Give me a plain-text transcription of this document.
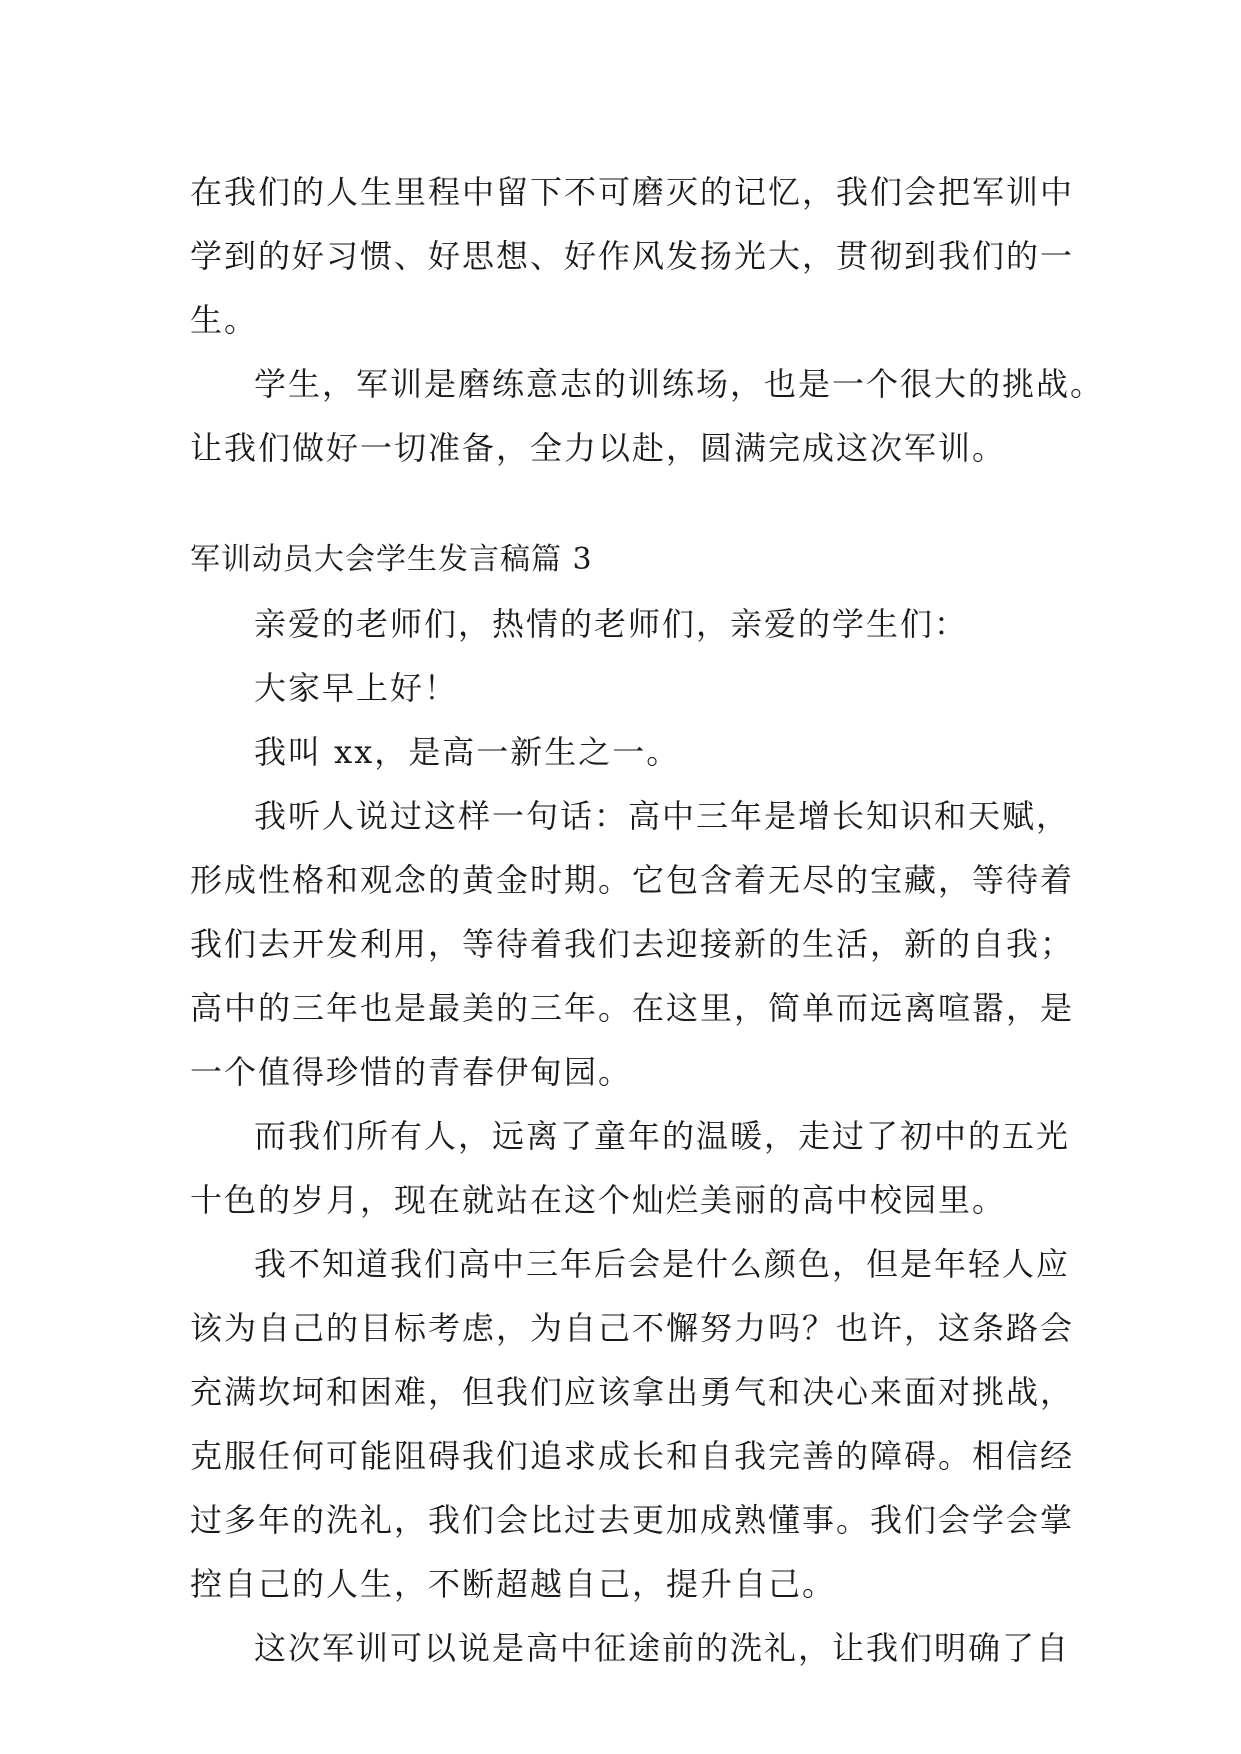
在我们的人生里程中留下不可磨灭的记忆，我们会把军训中
学到的好习惯、好思想、好作风发扬光大，贯彻到我们的一
生。
学生，军训是磨练意志的训练场，也是一个很大的挑战。
让我们做好一切准备，全力以赴，圆满完成这次军训。
军训动员大会学生发言稿篇 3
亲爱的老师们，热情的老师们，亲爱的学生们：
大家早上好！
我叫 xx，是高一新生之一。
我听人说过这样一句话：高中三年是增长知识和天赋，
形成性格和观念的黄金时期。它包含着无尽的宝藏，等待着
我们去开发利用，等待着我们去迎接新的生活，新的自我；
高中的三年也是最美的三年。在这里，简单而远离喧嚣，是
一个值得珍惜的青春伊甸园。
而我们所有人，远离了童年的温暖，走过了初中的五光
十色的岁月，现在就站在这个灿烂美丽的高中校园里。
我不知道我们高中三年后会是什么颜色，但是年轻人应
该为自己的目标考虑，为自己不懈努力吗？也许，这条路会
充满坎坷和困难，但我们应该拿出勇气和决心来面对挑战，
克服任何可能阻碍我们追求成长和自我完善的障碍。相信经
过多年的洗礼，我们会比过去更加成熟懂事。我们会学会掌
控自己的人生，不断超越自己，提升自己。
这次军训可以说是高中征途前的洗礼，让我们明确了自
